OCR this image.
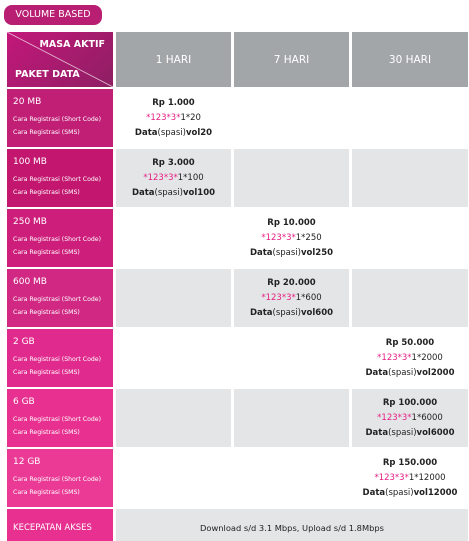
VOLUME BASED
MASA AKTIF
PAKET DATA	1 HARI	7 HARI	30 HARI

20 MB
Cara Registrasi (Short Code)
Cara Registrasi (SMS)	Rp 1.000
*123*3*1*20
Data(spasi)vol20		

100 MB
Cara Registrasi (Short Code)
Cara Registrasi (SMS)	Rp 3.000
*123*3*1*100
Data(spasi)vol100		

250 MB
Cara Registrasi (Short Code)
Cara Registrasi (SMS)		Rp 10.000
*123*3*1*250
Data(spasi)vol250	

600 MB
Cara Registrasi (Short Code)
Cara Registrasi (SMS)		Rp 20.000
*123*3*1*600
Data(spasi)vol600	

2 GB
Cara Registrasi (Short Code)
Cara Registrasi (SMS)			Rp 50.000
*123*3*1*2000
Data(spasi)vol2000

6 GB
Cara Registrasi (Short Code)
Cara Registrasi (SMS)			Rp 100.000
*123*3*1*6000
Data(spasi)vol6000

12 GB
Cara Registrasi (Short Code)
Cara Registrasi (SMS)			Rp 150.000
*123*3*1*12000
Data(spasi)vol12000

KECEPATAN AKSES	Download s/d 3.1 Mbps, Upload s/d 1.8Mbps		
